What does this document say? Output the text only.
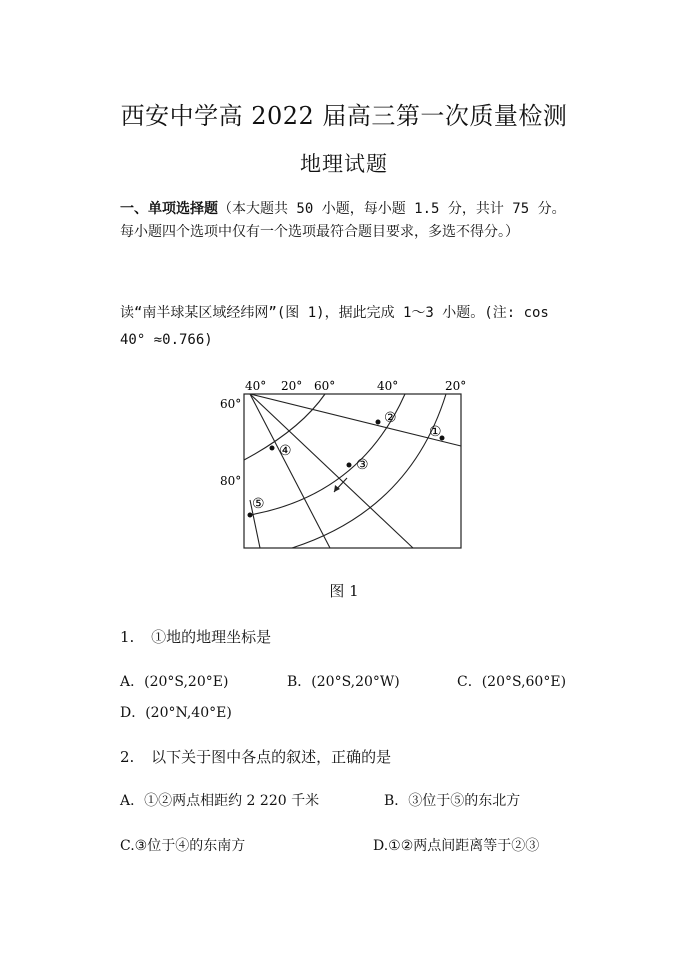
西安中学高 2022 届高三第一次质量检测
地理试题
一、单项选择题（本大题共 50 小题，每小题 1.5 分，共计 75 分。
每小题四个选项中仅有一个选项最符合题目要求，多选不得分。）
读“南半球某区域经纬网”(图 1)，据此完成 1～3 小题。(注: cos
40° ≈0.766)
①
②
③
④
⑤
40° 20° 60°	40°	20°
60°
80°
图 1
1. ①地的地理坐标是
A．(20°S,20°E)	B．(20°S,20°W)	C．(20°S,60°E)
D．(20°N,40°E)
2. 以下关于图中各点的叙述，正确的是
A．①②两点相距约 2 220 千米	B．③位于⑤的东北方
C.③位于④的东南方	D.①②两点间距离等于②③
